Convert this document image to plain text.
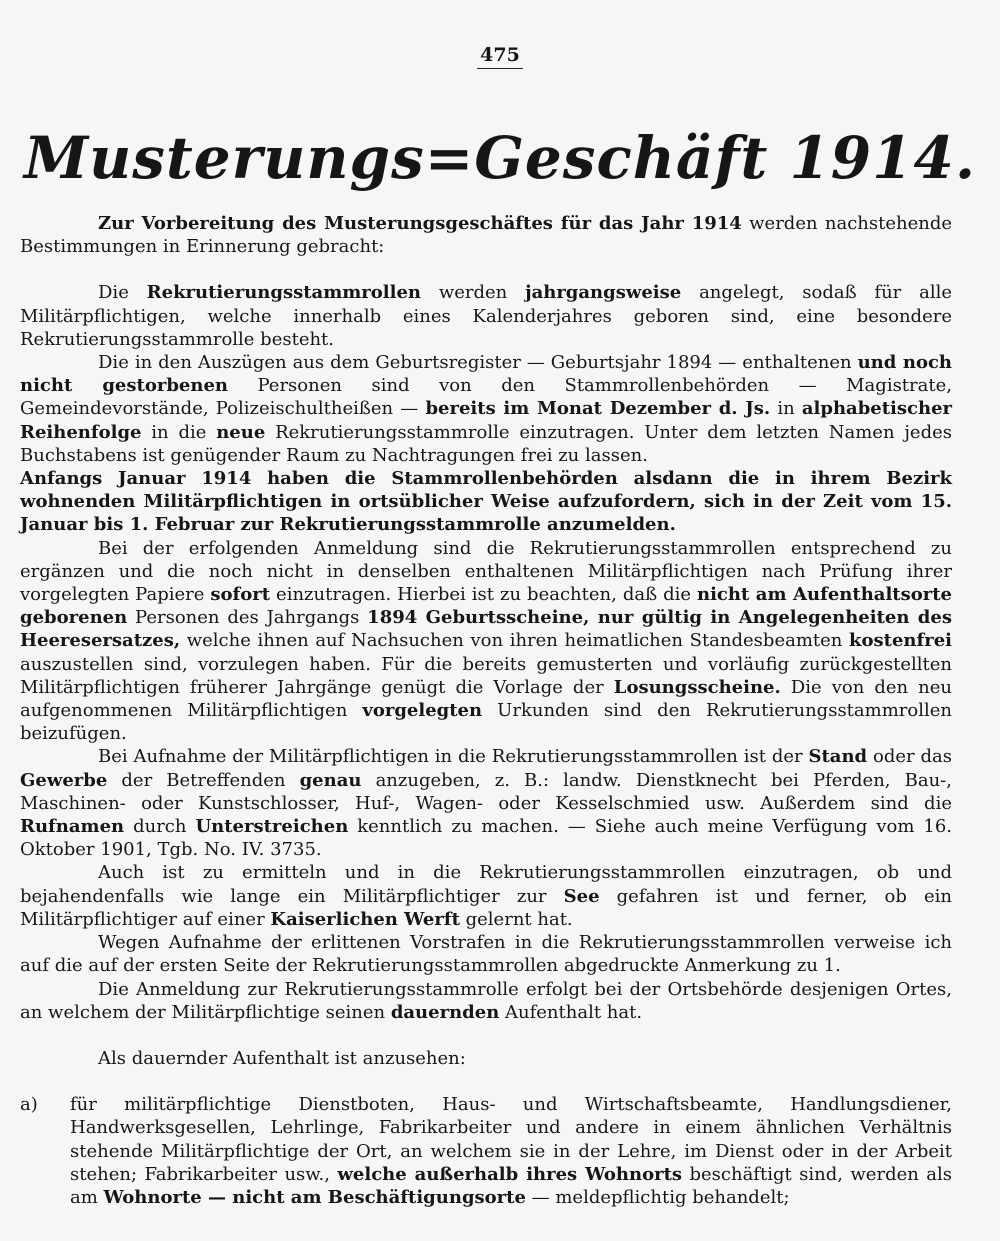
475
Musterungs=Geschäft 1914.

Zur Vorbereitung des Musterungsgeschäftes für das Jahr 1914 werden nachstehende Bestimmungen in Erinnerung gebracht:

Die Rekrutierungsstammrollen werden jahrgangsweise angelegt, sodaß für alle Militärpflichtigen, welche innerhalb eines Kalenderjahres geboren sind, eine besondere Rekrutierungsstammrolle besteht.

Die in den Auszügen aus dem Geburtsregister — Geburtsjahr 1894 — enthaltenen und noch nicht gestorbenen Personen sind von den Stammrollenbehörden — Magistrate, Gemeindevorstände, Polizeischultheißen — bereits im Monat Dezember d. Js. in alphabetischer Reihenfolge in die neue Rekrutierungsstammrolle einzutragen. Unter dem letzten Namen jedes Buchstabens ist genügender Raum zu Nachtragungen frei zu lassen.

Anfangs Januar 1914 haben die Stammrollenbehörden alsdann die in ihrem Bezirk wohnenden Militärpflichtigen in ortsüblicher Weise aufzufordern, sich in der Zeit vom 15. Januar bis 1. Februar zur Rekrutierungsstammrolle anzumelden.

Bei der erfolgenden Anmeldung sind die Rekrutierungsstammrollen entsprechend zu ergänzen und die noch nicht in denselben enthaltenen Militärpflichtigen nach Prüfung ihrer vorgelegten Papiere sofort einzutragen. Hierbei ist zu beachten, daß die nicht am Aufenthaltsorte geborenen Personen des Jahrgangs 1894 Geburtsscheine, nur gültig in Angelegenheiten des Heeresersatzes, welche ihnen auf Nachsuchen von ihren heimatlichen Standesbeamten kostenfrei auszustellen sind, vorzulegen haben. Für die bereits gemusterten und vorläufig zurückgestellten Militärpflichtigen früherer Jahrgänge genügt die Vorlage der Losungsscheine. Die von den neu aufgenommenen Militärpflichtigen vorgelegten Urkunden sind den Rekrutierungsstammrollen beizufügen.

Bei Aufnahme der Militärpflichtigen in die Rekrutierungsstammrollen ist der Stand oder das Gewerbe der Betreffenden genau anzugeben, z. B.: landw. Dienstknecht bei Pferden, Bau-, Maschinen- oder Kunstschlosser, Huf-, Wagen- oder Kesselschmied usw. Außerdem sind die Rufnamen durch Unterstreichen kenntlich zu machen. — Siehe auch meine Verfügung vom 16. Oktober 1901, Tgb. No. IV. 3735.

Auch ist zu ermitteln und in die Rekrutierungsstammrollen einzutragen, ob und bejahendenfalls wie lange ein Militärpflichtiger zur See gefahren ist und ferner, ob ein Militärpflichtiger auf einer Kaiserlichen Werft gelernt hat.

Wegen Aufnahme der erlittenen Vorstrafen in die Rekrutierungsstammrollen verweise ich auf die auf der ersten Seite der Rekrutierungsstammrollen abgedruckte Anmerkung zu 1.

Die Anmeldung zur Rekrutierungsstammrolle erfolgt bei der Ortsbehörde desjenigen Ortes, an welchem der Militärpflichtige seinen dauernden Aufenthalt hat.

Als dauernder Aufenthalt ist anzusehen:

a)	für militärpflichtige Dienstboten, Haus- und Wirtschaftsbeamte, Handlungsdiener, Handwerksgesellen, Lehrlinge, Fabrikarbeiter und andere in einem ähnlichen Verhältnis stehende Militärpflichtige der Ort, an welchem sie in der Lehre, im Dienst oder in der Arbeit stehen; Fabrikarbeiter usw., welche außerhalb ihres Wohnorts beschäftigt sind, werden als am Wohnorte — nicht am Beschäftigungsorte — meldepflichtig behandelt;
